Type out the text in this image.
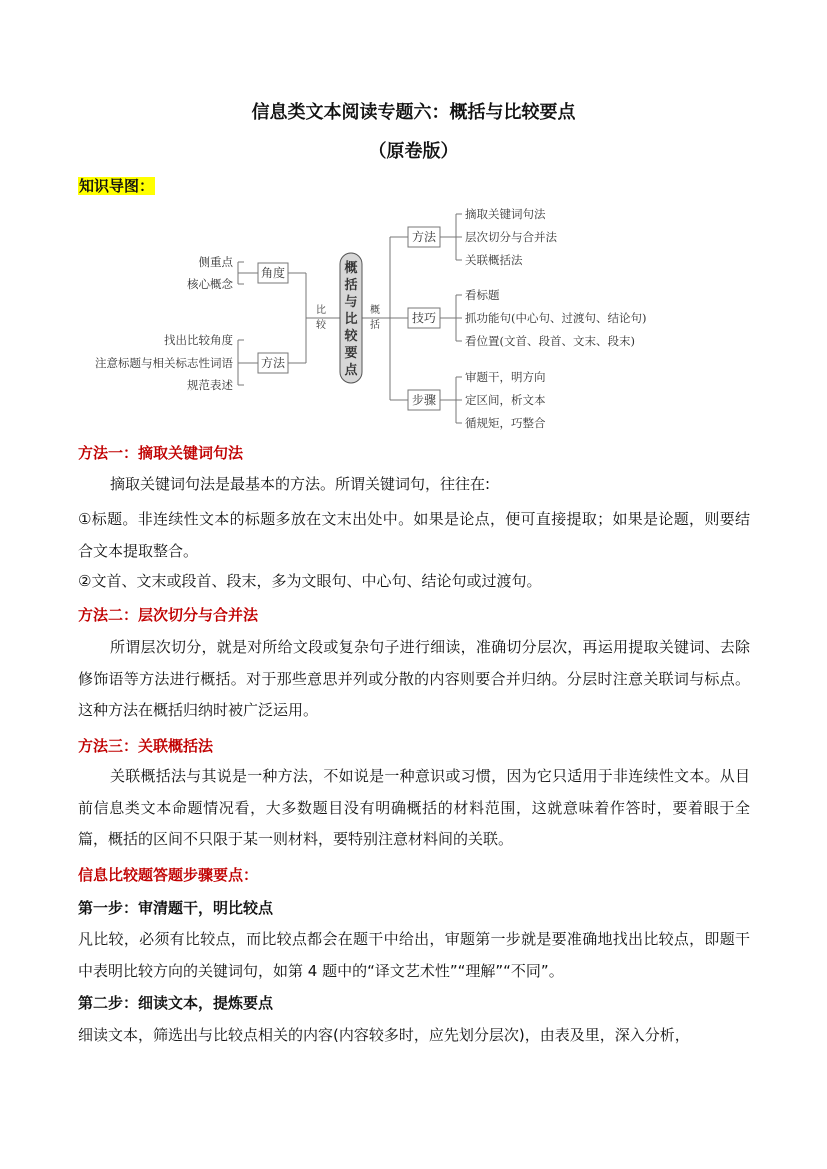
信息类文本阅读专题六：概括与比较要点
（原卷版）
知识导图：
概
括
与
比
较
要
点
比
较
概
括
角度
方法
侧重点
核心概念
找出比较角度
注意标题与相关标志性词语
规范表述
方法
技巧
步骤
摘取关键词句法
层次切分与合并法
关联概括法
看标题
抓功能句(中心句、过渡句、结论句)
看位置(文首、段首、文末、段末)
审题干，明方向
定区间，析文本
循规矩，巧整合
方法一：摘取关键词句法
摘取关键词句法是最基本的方法。所谓关键词句，往往在:
①标题。非连续性文本的标题多放在文末出处中。如果是论点，便可直接提取；如果是论题，则要结合文本提取整合。
②文首、文末或段首、段末，多为文眼句、中心句、结论句或过渡句。
方法二：层次切分与合并法
所谓层次切分，就是对所给文段或复杂句子进行细读，准确切分层次，再运用提取关键词、去除修饰语等方法进行概括。对于那些意思并列或分散的内容则要合并归纳。分层时注意关联词与标点。这种方法在概括归纳时被广泛运用。
方法三：关联概括法
关联概括法与其说是一种方法，不如说是一种意识或习惯，因为它只适用于非连续性文本。从目前信息类文本命题情况看，大多数题目没有明确概括的材料范围，这就意味着作答时，要着眼于全篇，概括的区间不只限于某一则材料，要特别注意材料间的关联。
信息比较题答题步骤要点：
第一步：审清题干，明比较点
凡比较，必须有比较点，而比较点都会在题干中给出，审题第一步就是要准确地找出比较点，即题干中表明比较方向的关键词句，如第 4 题中的“译文艺术性”“理解”“不同”。
第二步：细读文本，提炼要点
细读文本，筛选出与比较点相关的内容(内容较多时，应先划分层次)，由表及里，深入分析，
